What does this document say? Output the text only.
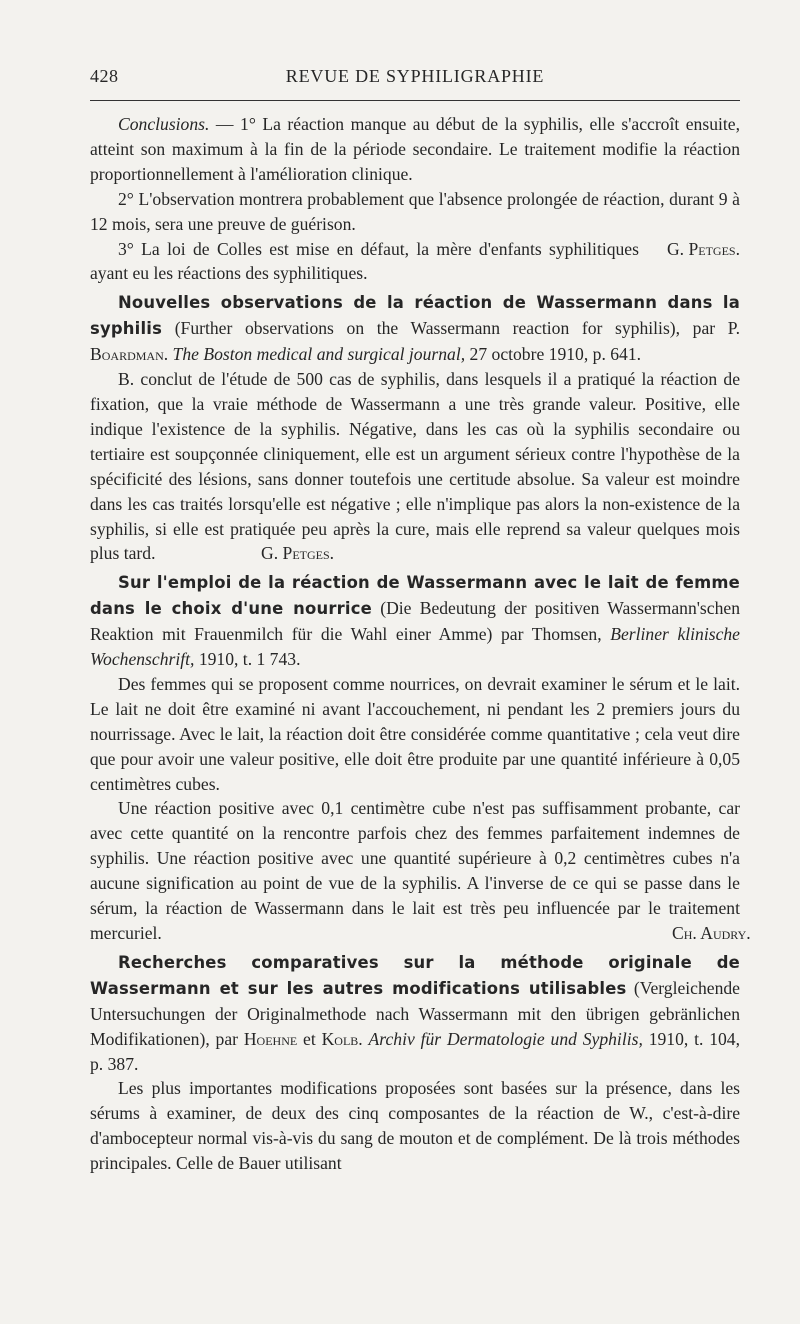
428	REVUE DE SYPHILIGRAPHIE

Conclusions. — 1° La réaction manque au début de la syphilis, elle s'accroît ensuite, atteint son maximum à la fin de la période secondaire. Le traitement modifie la réaction proportionnellement à l'amélioration clinique.

2° L'observation montrera probablement que l'absence prolongée de réaction, durant 9 à 12 mois, sera une preuve de guérison.

3° La loi de Colles est mise en défaut, la mère d'enfants syphilitiques ayant eu les réactions des syphilitiques.
G. Petges.

Nouvelles observations de la réaction de Wassermann dans la syphilis (Further observations on the Wassermann reaction for syphilis), par P. Boardman. The Boston medical and surgical journal, 27 octobre 1910, p. 641.

B. conclut de l'étude de 500 cas de syphilis, dans lesquels il a pratiqué la réaction de fixation, que la vraie méthode de Wassermann a une très grande valeur. Positive, elle indique l'existence de la syphilis. Négative, dans les cas où la syphilis secondaire ou tertiaire est soupçonnée cliniquement, elle est un argument sérieux contre l'hypothèse de la spécificité des lésions, sans donner toutefois une certitude absolue. Sa valeur est moindre dans les cas traités lorsqu'elle est négative ; elle n'implique pas alors la non-existence de la syphilis, si elle est pratiquée peu après la cure, mais elle reprend sa valeur quelques mois plus tard.	G. Petges.

Sur l'emploi de la réaction de Wassermann avec le lait de femme dans le choix d'une nourrice (Die Bedeutung der positiven Wassermann'schen Reaktion mit Frauenmilch für die Wahl einer Amme) par Thomsen, Berliner klinische Wochenschrift, 1910, t. 1 743.

Des femmes qui se proposent comme nourrices, on devrait examiner le sérum et le lait. Le lait ne doit être examiné ni avant l'accouchement, ni pendant les 2 premiers jours du nourrissage. Avec le lait, la réaction doit être considérée comme quantitative ; cela veut dire que pour avoir une valeur positive, elle doit être produite par une quantité inférieure à 0,05 centimètres cubes.

Une réaction positive avec 0,1 centimètre cube n'est pas suffisamment probante, car avec cette quantité on la rencontre parfois chez des femmes parfaitement indemnes de syphilis. Une réaction positive avec une quantité supérieure à 0,2 centimètres cubes n'a aucune signification au point de vue de la syphilis. A l'inverse de ce qui se passe dans le sérum, la réaction de Wassermann dans le lait est très peu influencée par le traitement mercuriel.	Ch. Audry.

Recherches comparatives sur la méthode originale de Wassermann et sur les autres modifications utilisables (Vergleichende Untersuchungen der Originalmethode nach Wassermann mit den übrigen gebränlichen Modifikationen), par Hoehne et Kolb. Archiv für Dermatologie und Syphilis, 1910, t. 104, p. 387.

Les plus importantes modifications proposées sont basées sur la présence, dans les sérums à examiner, de deux des cinq composantes de la réaction de W., c'est-à-dire d'ambocepteur normal vis-à-vis du sang de mouton et de complément. De là trois méthodes principales. Celle de Bauer utilisant
